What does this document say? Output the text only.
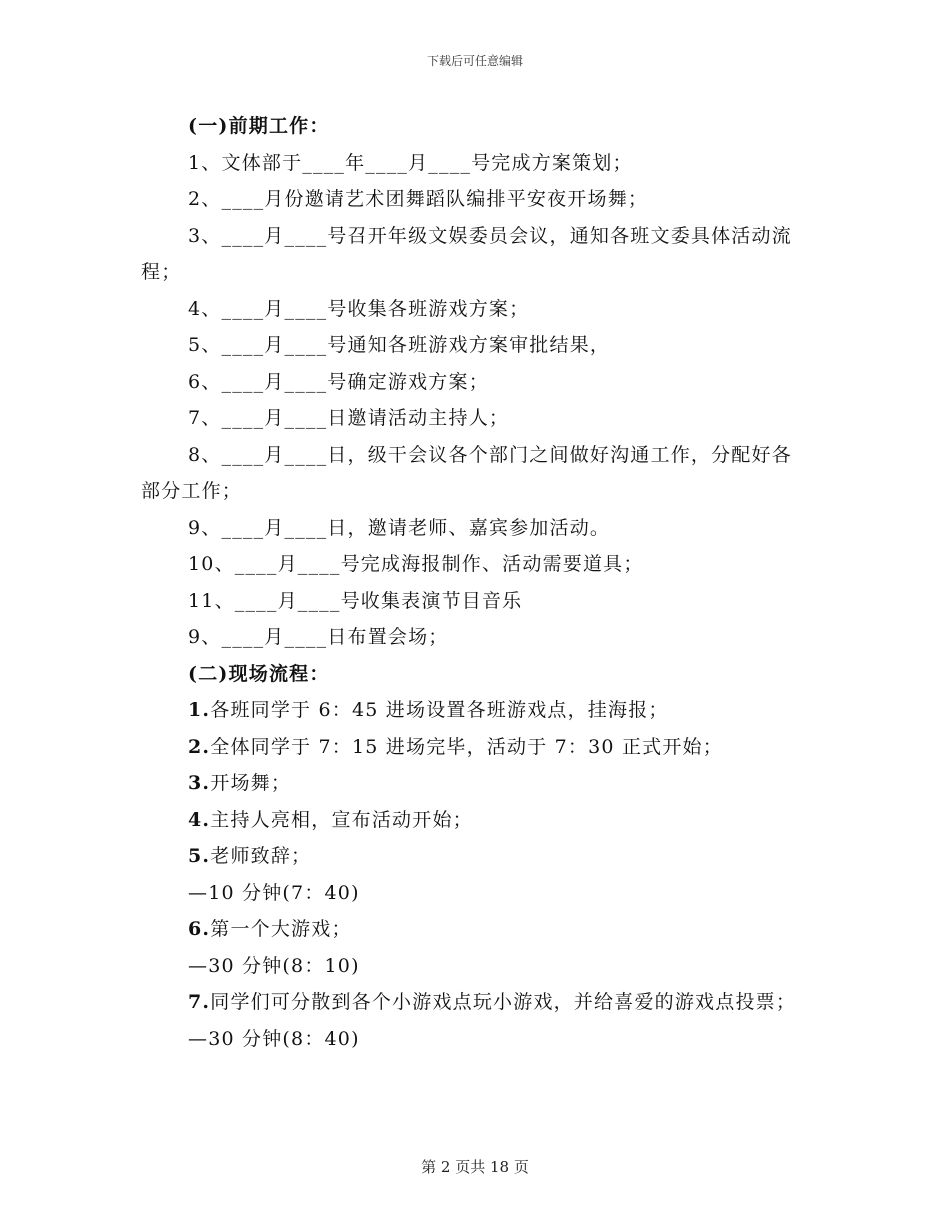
下载后可任意编辑

(一)前期工作：

1、文体部于____年____月____号完成方案策划；

2、____月份邀请艺术团舞蹈队编排平安夜开场舞；

3、____月____号召开年级文娱委员会议，通知各班文委具体活动流程；

4、____月____号收集各班游戏方案；

5、____月____号通知各班游戏方案审批结果，

6、____月____号确定游戏方案；

7、____月____日邀请活动主持人；

8、____月____日，级干会议各个部门之间做好沟通工作，分配好各部分工作；

9、____月____日，邀请老师、嘉宾参加活动。

10、____月____号完成海报制作、活动需要道具；

11、____月____号收集表演节目音乐

9、____月____日布置会场；

(二)现场流程：

1.各班同学于 6：45 进场设置各班游戏点，挂海报；

2.全体同学于 7：15 进场完毕，活动于 7：30 正式开始；

3.开场舞；

4.主持人亮相，宣布活动开始；

5.老师致辞；

—10 分钟(7：40)

6.第一个大游戏；

—30 分钟(8：10)

7.同学们可分散到各个小游戏点玩小游戏，并给喜爱的游戏点投票；

—30 分钟(8：40)

第 2 页共 18 页
